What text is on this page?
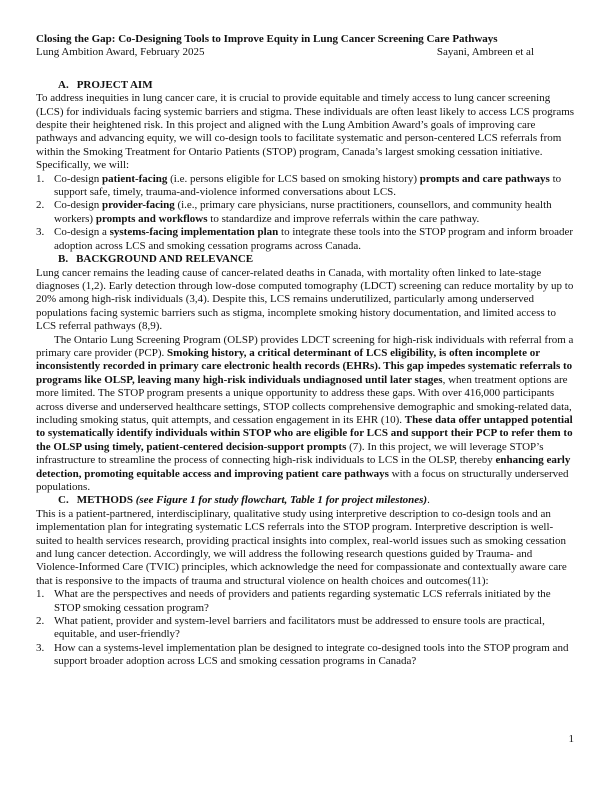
Closing the Gap: Co-Designing Tools to Improve Equity in Lung Cancer Screening Care Pathways
Lung Ambition Award, February 2025	Sayani, Ambreen et al
A. PROJECT AIM

To address inequities in lung cancer care, it is crucial to provide equitable and timely access to lung cancer screening (LCS) for individuals facing systemic barriers and stigma. These individuals are often least likely to access LCS programs despite their heightened risk. In this project and aligned with the Lung Ambition Award’s goals of improving care pathways and advancing equity, we will co-design tools to facilitate systematic and person-centered LCS referrals from within the Smoking Treatment for Ontario Patients (STOP) program, Canada’s largest smoking cessation initiative. Specifically, we will:

1. Co-design patient-facing (i.e. persons eligible for LCS based on smoking history) prompts and care pathways to support safe, timely, trauma-and-violence informed conversations about LCS.
2. Co-design provider-facing (i.e., primary care physicians, nurse practitioners, counsellors, and community health workers) prompts and workflows to standardize and improve referrals within the care pathway.
3. Co-design a systems-facing implementation plan to integrate these tools into the STOP program and inform broader adoption across LCS and smoking cessation programs across Canada.
B. BACKGROUND AND RELEVANCE

Lung cancer remains the leading cause of cancer-related deaths in Canada, with mortality often linked to late-stage diagnoses (1,2). Early detection through low-dose computed tomography (LDCT) screening can reduce mortality by up to 20% among high-risk individuals (3,4). Despite this, LCS remains underutilized, particularly among underserved populations facing systemic barriers such as stigma, incomplete smoking history documentation, and limited access to LCS referral pathways (8,9).

The Ontario Lung Screening Program (OLSP) provides LDCT screening for high-risk individuals with referral from a primary care provider (PCP). Smoking history, a critical determinant of LCS eligibility, is often incomplete or inconsistently recorded in primary care electronic health records (EHRs). This gap impedes systematic referrals to programs like OLSP, leaving many high-risk individuals undiagnosed until later stages, when treatment options are more limited. The STOP program presents a unique opportunity to address these gaps. With over 416,000 participants across diverse and underserved healthcare settings, STOP collects comprehensive demographic and smoking-related data, including smoking status, quit attempts, and cessation engagement in its EHR (10). These data offer untapped potential to systematically identify individuals within STOP who are eligible for LCS and support their PCP to refer them to the OLSP using timely, patient-centered decision-support prompts (7). In this project, we will leverage STOP’s infrastructure to streamline the process of connecting high-risk individuals to LCS in the OLSP, thereby enhancing early detection, promoting equitable access and improving patient care pathways with a focus on structurally underserved populations.

C. METHODS (see Figure 1 for study flowchart, Table 1 for project milestones).

This is a patient-partnered, interdisciplinary, qualitative study using interpretive description to co-design tools and an implementation plan for integrating systematic LCS referrals into the STOP program. Interpretive description is well-suited to health services research, providing practical insights into complex, real-world issues such as smoking cessation and lung cancer detection. Accordingly, we will address the following research questions guided by Trauma- and Violence-Informed Care (TVIC) principles, which acknowledge the need for compassionate and contextually aware care that is responsive to the impacts of trauma and structural violence on health choices and outcomes(11):

1. What are the perspectives and needs of providers and patients regarding systematic LCS referrals initiated by the STOP smoking cessation program?
2. What patient, provider and system-level barriers and facilitators must be addressed to ensure tools are practical, equitable, and user-friendly?
3. How can a systems-level implementation plan be designed to integrate co-designed tools into the STOP program and support broader adoption across LCS and smoking cessation programs in Canada?
1
